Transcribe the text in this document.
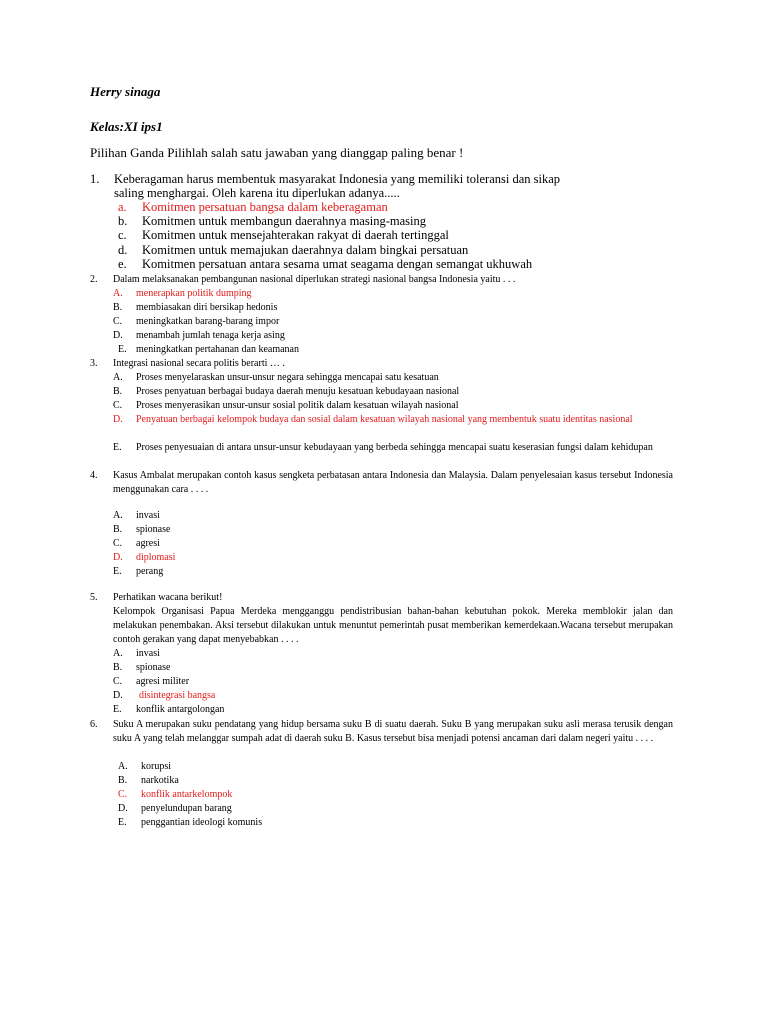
Herry sinaga
Kelas:XI ips1
Pilihan Ganda Pilihlah salah satu jawaban yang dianggap paling benar !
1. Keberagaman harus membentuk masyarakat Indonesia yang memiliki toleransi dan sikap saling menghargai. Oleh karena itu diperlukan adanya.....
a.	Komitmen persatuan bangsa dalam keberagaman
b.	Komitmen untuk membangun daerahnya masing-masing
c.	Komitmen untuk mensejahterakan rakyat di daerah tertinggal
d.	Komitmen untuk memajukan daerahnya dalam bingkai persatuan
e.	Komitmen persatuan antara sesama umat seagama dengan semangat ukhuwah
2. Dalam melaksanakan pembangunan nasional diperlukan strategi nasional bangsa Indonesia yaitu . . .
A.	menerapkan politik dumping
B.	membiasakan diri bersikap hedonis
C.	meningkatkan barang-barang impor
D.	menambah jumlah tenaga kerja asing
E. meningkatkan pertahanan dan keamanan
3. Integrasi nasional secara politis berarti … .
A.	Proses menyelaraskan unsur-unsur negara sehingga mencapai satu kesatuan
B.	Proses penyatuan berbagai budaya daerah menuju kesatuan kebudayaan nasional
C.	Proses menyerasikan unsur-unsur sosial politik dalam kesatuan wilayah nasional
D.	Penyatuan berbagai kelompok budaya dan sosial dalam kesatuan wilayah nasional yang membentuk suatu identitas nasional
E.	Proses penyesuaian di antara unsur-unsur kebudayaan yang berbeda sehingga mencapai suatu keserasian fungsi dalam kehidupan
4. Kasus Ambalat merupakan contoh kasus sengketa perbatasan antara Indonesia dan Malaysia. Dalam penyelesaian kasus tersebut Indonesia menggunakan cara . . . .
A.	invasi
B.	spionase
C.	agresi
D.	diplomasi
E.	perang
5. Perhatikan wacana berikut!
Kelompok Organisasi Papua Merdeka mengganggu pendistribusian bahan-bahan kebutuhan pokok. Mereka memblokir jalan dan melakukan penembakan. Aksi tersebut dilakukan untuk menuntut pemerintah pusat memberikan kemerdekaan.Wacana tersebut merupakan contoh gerakan yang dapat menyebabkan . . . .
A.	invasi
B.	spionase
C.	agresi militer
D.	disintegrasi bangsa
E.	konflik antargolongan
6. Suku A merupakan suku pendatang yang hidup bersama suku B di suatu daerah. Suku B yang merupakan suku asli merasa terusik dengan suku A yang telah melanggar sumpah adat di daerah suku B. Kasus tersebut bisa menjadi potensi ancaman dari dalam negeri yaitu . . . .
A.	korupsi
B.	narkotika
C.	konflik antarkelompok
D.	penyelundupan barang
E.	penggantian ideologi komunis
